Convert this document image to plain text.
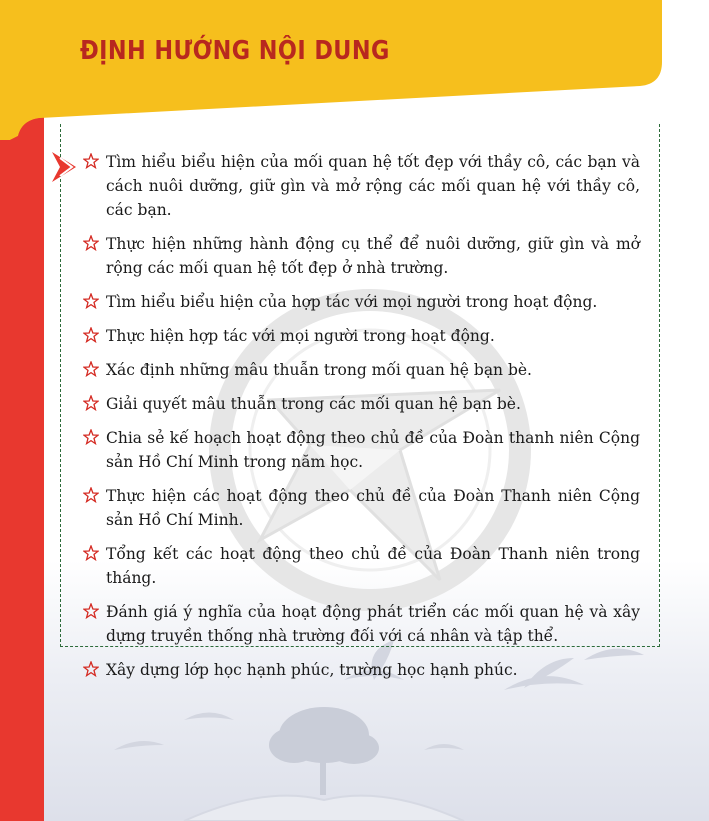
ĐỊNH HƯỚNG NỘI DUNG
Tìm hiểu biểu hiện của mối quan hệ tốt đẹp với thầy cô, các bạn và cách nuôi dưỡng, giữ gìn và mở rộng các mối quan hệ với thầy cô, các bạn.
Thực hiện những hành động cụ thể để nuôi dưỡng, giữ gìn và mở rộng các mối quan hệ tốt đẹp ở nhà trường.
Tìm hiểu biểu hiện của hợp tác với mọi người trong hoạt động.
Thực hiện hợp tác với mọi người trong hoạt động.
Xác định những mâu thuẫn trong mối quan hệ bạn bè.
Giải quyết mâu thuẫn trong các mối quan hệ bạn bè.
Chia sẻ kế hoạch hoạt động theo chủ đề của Đoàn thanh niên Cộng sản Hồ Chí Minh trong năm học.
Thực hiện các hoạt động theo chủ đề của Đoàn Thanh niên Cộng sản Hồ Chí Minh.
Tổng kết các hoạt động theo chủ đề của Đoàn Thanh niên trong tháng.
Đánh giá ý nghĩa của hoạt động phát triển các mối quan hệ và xây dựng truyền thống nhà trường đối với cá nhân và tập thể.
Xây dựng lớp học hạnh phúc, trường học hạnh phúc.
